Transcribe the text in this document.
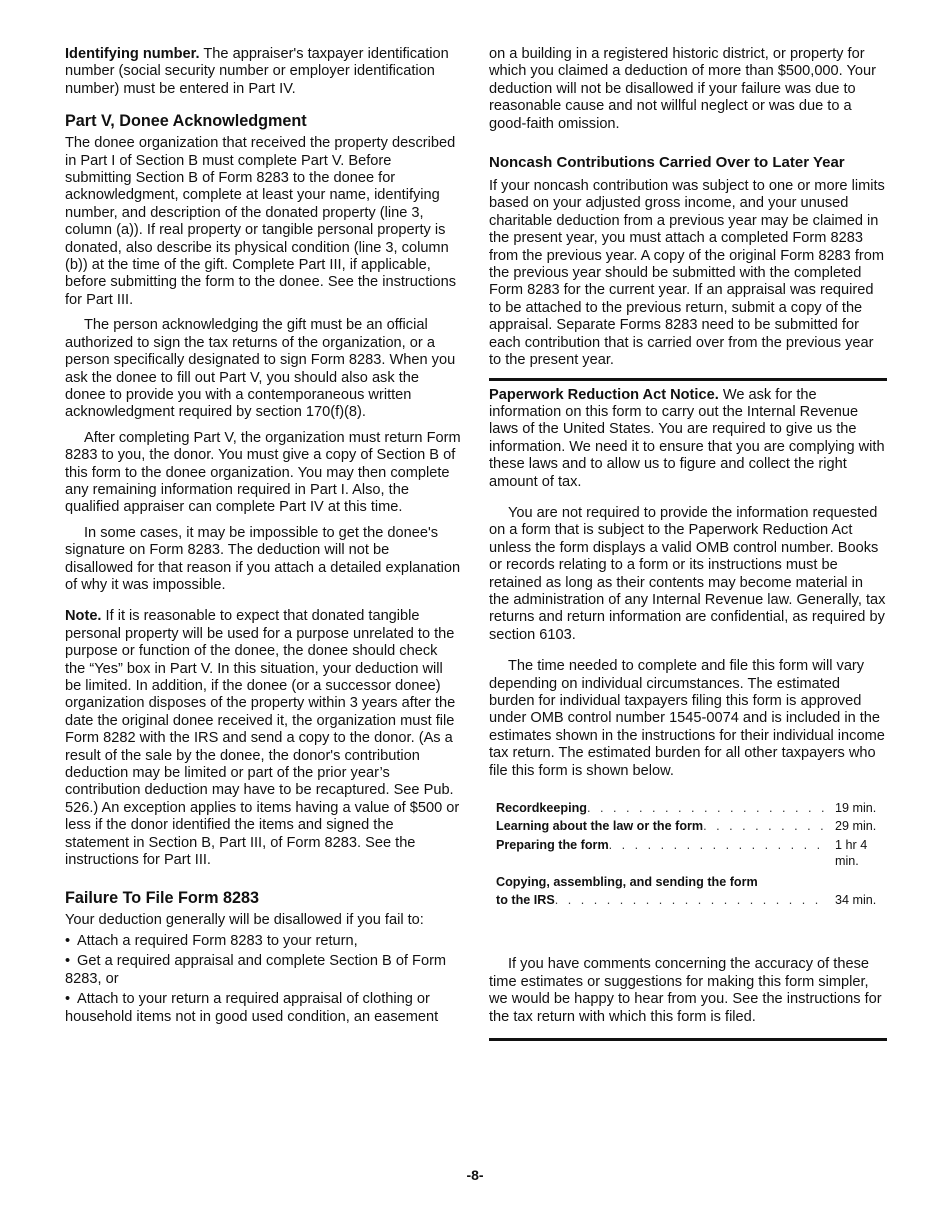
Identifying number. The appraiser's taxpayer identification number (social security number or employer identification number) must be entered in Part IV.

Part V, Donee Acknowledgment

The donee organization that received the property described in Part I of Section B must complete Part V. Before submitting Section B of Form 8283 to the donee for acknowledgment, complete at least your name, identifying number, and description of the donated property (line 3, column (a)). If real property or tangible personal property is donated, also describe its physical condition (line 3, column (b)) at the time of the gift. Complete Part III, if applicable, before submitting the form to the donee. See the instructions for Part III.

The person acknowledging the gift must be an official authorized to sign the tax returns of the organization, or a person specifically designated to sign Form 8283. When you ask the donee to fill out Part V, you should also ask the donee to provide you with a contemporaneous written acknowledgment required by section 170(f)(8).

After completing Part V, the organization must return Form 8283 to you, the donor. You must give a copy of Section B of this form to the donee organization. You may then complete any remaining information required in Part I. Also, the qualified appraiser can complete Part IV at this time.

In some cases, it may be impossible to get the donee's signature on Form 8283. The deduction will not be disallowed for that reason if you attach a detailed explanation of why it was impossible.

Note. If it is reasonable to expect that donated tangible personal property will be used for a purpose unrelated to the purpose or function of the donee, the donee should check the “Yes” box in Part V. In this situation, your deduction will be limited. In addition, if the donee (or a successor donee) organization disposes of the property within 3 years after the date the original donee received it, the organization must file Form 8282 with the IRS and send a copy to the donor. (As a result of the sale by the donee, the donor's contribution deduction may be limited or part of the prior year’s contribution deduction may have to be recaptured. See Pub. 526.) An exception applies to items having a value of $500 or less if the donor identified the items and signed the statement in Section B, Part III, of Form 8283. See the instructions for Part III.

Failure To File Form 8283

Your deduction generally will be disallowed if you fail to:

• Attach a required Form 8283 to your return,
• Get a required appraisal and complete Section B of Form 8283, or
• Attach to your return a required appraisal of clothing or household items not in good used condition, an easement

on a building in a registered historic district, or property for which you claimed a deduction of more than $500,000. Your deduction will not be disallowed if your failure was due to reasonable cause and not willful neglect or was due to a good-faith omission.

Noncash Contributions Carried Over to Later Year

If your noncash contribution was subject to one or more limits based on your adjusted gross income, and your unused charitable deduction from a previous year may be claimed in the present year, you must attach a completed Form 8283 from the previous year. A copy of the original Form 8283 from the previous year should be submitted with the completed Form 8283 for the current year. If an appraisal was required to be attached to the previous return, submit a copy of the appraisal. Separate Forms 8283 need to be submitted for each contribution that is carried over from the previous year to the present year.

Paperwork Reduction Act Notice. We ask for the information on this form to carry out the Internal Revenue laws of the United States. You are required to give us the information. We need it to ensure that you are complying with these laws and to allow us to figure and collect the right amount of tax.

You are not required to provide the information requested on a form that is subject to the Paperwork Reduction Act unless the form displays a valid OMB control number. Books or records relating to a form or its instructions must be retained as long as their contents may become material in the administration of any Internal Revenue law. Generally, tax returns and return information are confidential, as required by section 6103.

The time needed to complete and file this form will vary depending on individual circumstances. The estimated burden for individual taxpayers filing this form is approved under OMB control number 1545-0074 and is included in the estimates shown in the instructions for their individual income tax return. The estimated burden for all other taxpayers who file this form is shown below.

Recordkeeping . . .	19 min.
Learning about the law or the form . . .	29 min.
Preparing the form . . .	1 hr 4 min.
Copying, assembling, and sending the form
to the IRS . . .	34 min.

If you have comments concerning the accuracy of these time estimates or suggestions for making this form simpler, we would be happy to hear from you. See the instructions for the tax return with which this form is filed.

-8-
